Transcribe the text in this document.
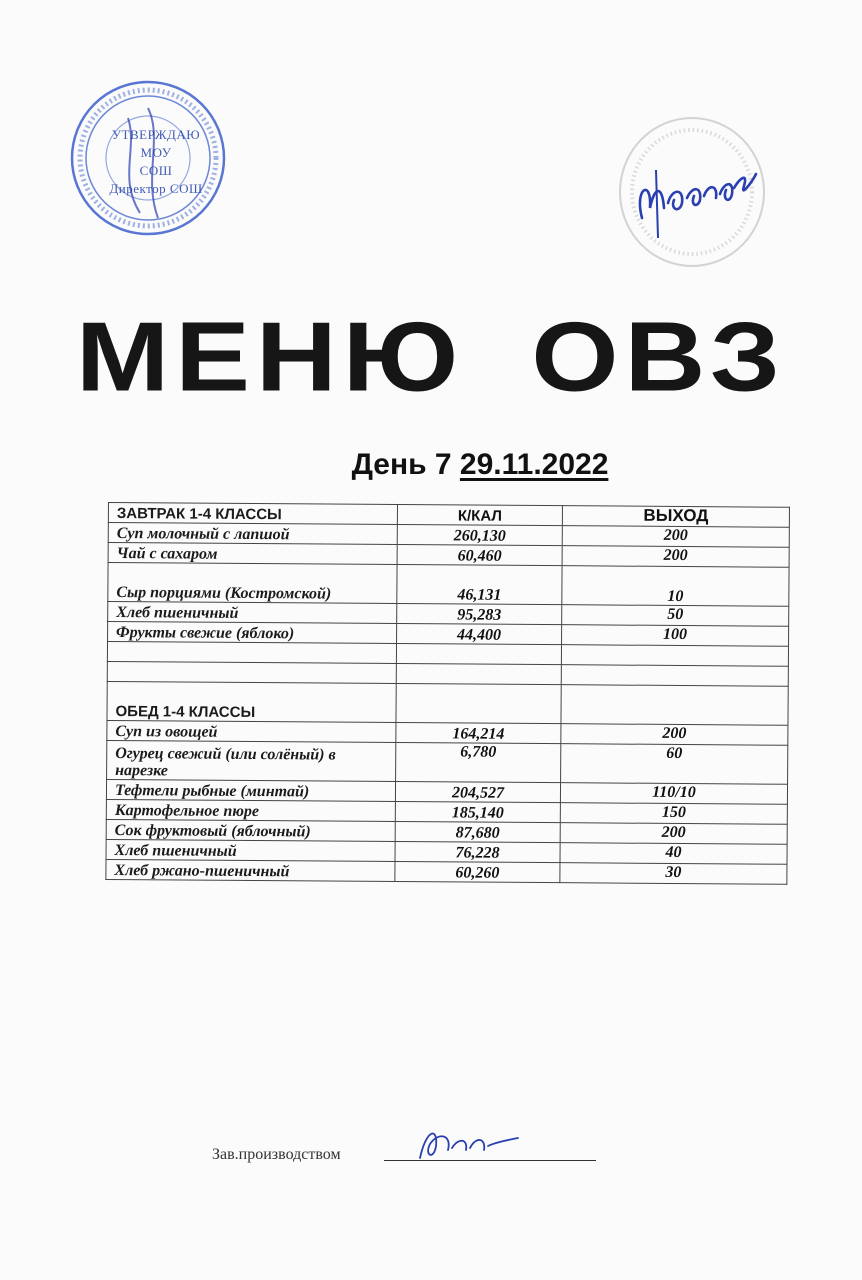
УТВЕРЖДАЮ
МОУ
СОШ
Директор СОШ
МЕНЮ ОВЗ
День 7 29.11.2022
ЗАВТРАК 1-4 КЛАССЫ	К/КАЛ	ВЫХОД
Суп молочный с лапшой	260,130	200
Чай с сахаром	60,460	200
Сыр порциями (Костромской)	46,131	10
Хлеб пшеничный	95,283	50
Фрукты свежие (яблоко)	44,400	100

ОБЕД 1-4 КЛАССЫ		
Суп из овощей	164,214	200
Огурец свежий (или солёный) в нарезке	6,780	60
Тефтели рыбные (минтай)	204,527	110/10
Картофельное пюре	185,140	150
Сок фруктовый (яблочный)	87,680	200
Хлеб пшеничный	76,228	40
Хлеб ржано-пшеничный	60,260	30
Зав.производством
